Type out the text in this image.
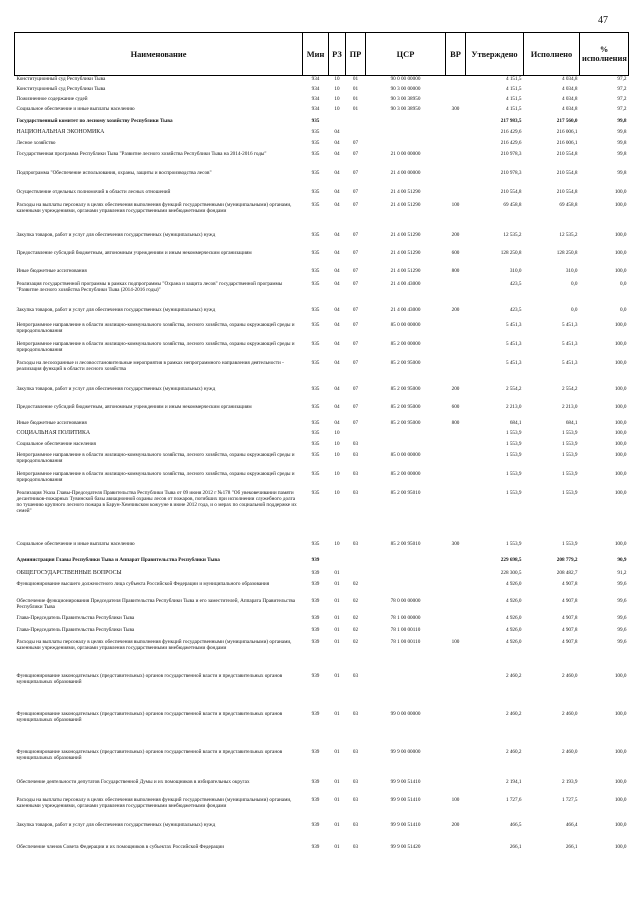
47
Наименование	Мин	РЗ	ПР	ЦСР	ВР	Утверждено	Исполнено	% исполнения
Конституционный суд Республики Тыва	934	10	01	90 0 00 00000		4 151,5	4 034,8	97,2
Конституционный суд Республики Тыва	934	10	01	90 3 00 00000		4 151,5	4 034,8	97,2
Пожизненное содержание судей	934	10	01	90 3 00 38950		4 151,5	4 034,8	97,2
Социальное обеспечение и иные выплаты населению	934	10	01	90 3 00 38950	300	4 151,5	4 034,8	97,2
Государственный комитет по лесному хозяйству Республики Тыва	935					217 983,5	217 560,0	99,8
НАЦИОНАЛЬНАЯ ЭКОНОМИКА	935	04				216 429,6	216 006,1	99,8
Лесное хозяйство	935	04	07			216 429,6	216 006,1	99,8
Государственная программа Республики Тыва "Развитие лесного хозяйства Республики Тыва на 2014-2016 годы"	935	04	07	21 0 00 00000		210 978,3	210 554,8	99,8
Подпрограмма "Обеспечение использования, охраны, защиты и воспроизводства лесов"	935	04	07	21 4 00 00000		210 978,3	210 554,8	99,8
Осуществление отдельных полномочий в области лесных отношений	935	04	07	21 4 00 51290		210 554,8	210 554,8	100,0
Расходы на выплаты персоналу в целях обеспечения выполнения функций государственными (муниципальными) органами, казенными учреждениями, органами управления государственными внебюджетными фондами	935	04	07	21 4 00 51290	100	69 458,8	69 458,8	100,0
Закупка товаров, работ и услуг для обеспечения государственных (муниципальных) нужд	935	04	07	21 4 00 51290	200	12 535,2	12 535,2	100,0
Предоставление субсидий бюджетным, автономным учреждениям и иным некоммерческим организациям	935	04	07	21 4 00 51290	600	128 250,8	128 250,8	100,0
Иные бюджетные ассигнования	935	04	07	21 4 00 51290	800	310,0	310,0	100,0
Реализация государственной программы в рамках подпрограммы "Охрана и защита лесов" государственной программы "Развитие лесного хозяйства Республики Тыва (2014-2016 годы)"	935	04	07	21 4 00 43000		423,5	0,0	0,0
Закупка товаров, работ и услуг для обеспечения государственных (муниципальных) нужд	935	04	07	21 4 00 43000	200	423,5	0,0	0,0
Непрограммное направление в области жилищно-коммунального хозяйства, лесного хозяйства, охраны окружающей среды и природопользования	935	04	07	85 0 00 00000		5 451,3	5 451,3	100,0
Непрограммное направление в области жилищно-коммунального хозяйства, лесного хозяйства, охраны окружающей среды и природопользования	935	04	07	85 2 00 00000		5 451,3	5 451,3	100,0
Расходы на лесоохранные и лесовосстановительные мероприятия в рамках непрограммного направления деятельности - реализация функций в области лесного хозяйства	935	04	07	85 2 00 95000		5 451,3	5 451,3	100,0
Закупка товаров, работ и услуг для обеспечения государственных (муниципальных) нужд	935	04	07	85 2 00 95000	200	2 554,2	2 554,2	100,0
Предоставление субсидий бюджетным, автономным учреждениям и иным некоммерческим организациям	935	04	07	85 2 00 95000	600	2 213,0	2 213,0	100,0
Иные бюджетные ассигнования	935	04	07	85 2 00 95000	800	684,1	684,1	100,0
СОЦИАЛЬНАЯ ПОЛИТИКА	935	10				1 553,9	1 553,9	100,0
Социальное обеспечение населения	935	10	03			1 553,9	1 553,9	100,0
Непрограммное направление в области жилищно-коммунального хозяйства, лесного хозяйства, охраны окружающей среды и природопользования	935	10	03	85 0 00 00000		1 553,9	1 553,9	100,0
Непрограммное направление в области жилищно-коммунального хозяйства, лесного хозяйства, охраны окружающей среды и природопользования	935	10	03	85 2 00 00000		1 553,9	1 553,9	100,0
Реализация Указа Главы-Председателя Правительства Республики Тыва от 09 июня 2012 г №178 "Об увековечивании памяти десантников-пожарных Тувинской базы авиационной охраны лесов от пожаров, погибших при исполнении служебного долга по тушению крупного лесного пожара в Барун-Хемчикском кожууне в июне 2012 года, и о мерах по социальной поддержке их семей"	935	10	03	85 2 00 95010		1 553,9	1 553,9	100,0
Социальное обеспечение и иные выплаты населению	935	10	03	85 2 00 95010	300	1 553,9	1 553,9	100,0
Администрация Главы Республики Тыва и Аппарат Правительства Республики Тыва	939					229 698,5	208 779,2	90,9
ОБЩЕГОСУДАРСТВЕННЫЕ ВОПРОСЫ	939	01				228 300,5	208 482,7	91,2
Функционирование высшего должностного лица субъекта Российской Федерации и муниципального образования	939	01	02			4 926,0	4 907,8	99,6
Обеспечение функционирования Председателя Правительства Республики Тыва и его заместителей, Аппарата Правительства Республики Тыва	939	01	02	78 0 00 00000		4 926,0	4 907,8	99,6
Глава-Председатель Правительства Республики Тыва	939	01	02	78 1 00 00000		4 926,0	4 907,8	99,6
Глава-Председатель Правительства Республики Тыва	939	01	02	78 1 00 00110		4 926,0	4 907,8	99,6
Расходы на выплаты персоналу в целях обеспечения выполнения функций государственными (муниципальными) органами, казенными учреждениями, органами управления государственными внебюджетными фондами	939	01	02	78 1 00 00110	100	4 926,0	4 907,8	99,6
Функционирование законодательных (представительных) органов государственной власти и представительных органов муниципальных образований	939	01	03			2 460,2	2 460,0	100,0
Функционирование законодательных (представительных) органов государственной власти и представительных органов муниципальных образований	939	01	03	99 0 00 00000		2 460,2	2 460,0	100,0
Функционирование законодательных (представительных) органов государственной власти и представительных органов муниципальных образований	939	01	03	99 9 00 00000		2 460,2	2 460,0	100,0
Обеспечение деятельности депутатов Государственной Думы и их помощников в избирательных округах	939	01	03	99 9 00 51410		2 194,1	2 193,9	100,0
Расходы на выплаты персоналу в целях обеспечения выполнения функций государственными (муниципальными) органами, казенными учреждениями, органами управления государственными внебюджетными фондами	939	01	03	99 9 00 51410	100	1 727,6	1 727,5	100,0
Закупка товаров, работ и услуг для обеспечения государственных (муниципальных) нужд	939	01	03	99 9 00 51410	200	466,5	466,4	100,0
Обеспечение членов Совета Федерации и их помощников в субъектах Российской Федерации	939	01	03	99 9 00 51420		266,1	266,1	100,0
